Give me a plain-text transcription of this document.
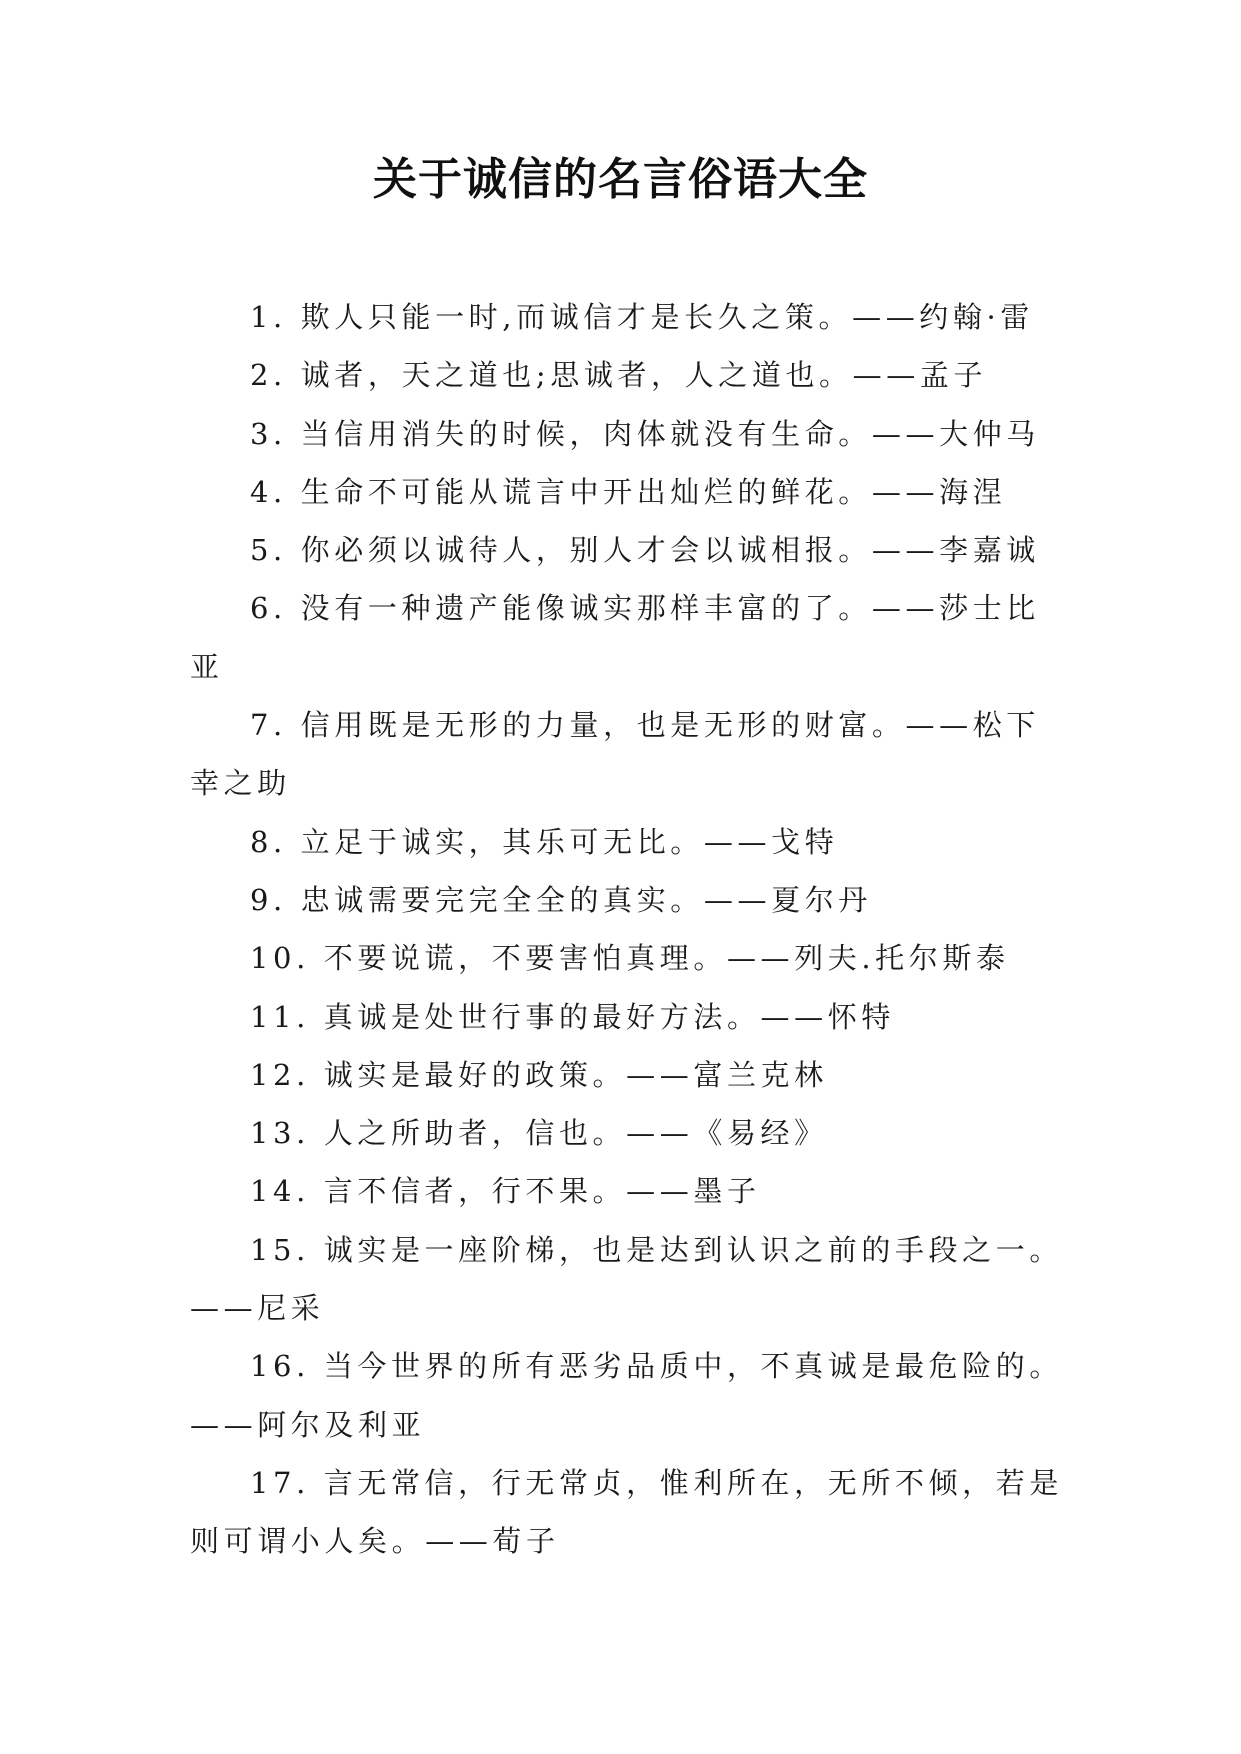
关于诚信的名言俗语大全

1. 欺人只能一时,而诚信才是长久之策。——约翰·雷

2. 诚者，天之道也;思诚者，人之道也。——孟子

3. 当信用消失的时候，肉体就没有生命。——大仲马

4. 生命不可能从谎言中开出灿烂的鲜花。——海涅

5. 你必须以诚待人，别人才会以诚相报。——李嘉诚

6. 没有一种遗产能像诚实那样丰富的了。——莎士比亚

7. 信用既是无形的力量，也是无形的财富。——松下幸之助

8. 立足于诚实，其乐可无比。——戈特

9. 忠诚需要完完全全的真实。——夏尔丹

10. 不要说谎，不要害怕真理。——列夫.托尔斯泰

11. 真诚是处世行事的最好方法。——怀特

12. 诚实是最好的政策。——富兰克林

13. 人之所助者，信也。——《易经》

14. 言不信者，行不果。——墨子

15. 诚实是一座阶梯，也是达到认识之前的手段之一。——尼采

16. 当今世界的所有恶劣品质中，不真诚是最危险的。——阿尔及利亚

17. 言无常信，行无常贞，惟利所在，无所不倾，若是则可谓小人矣。——荀子
